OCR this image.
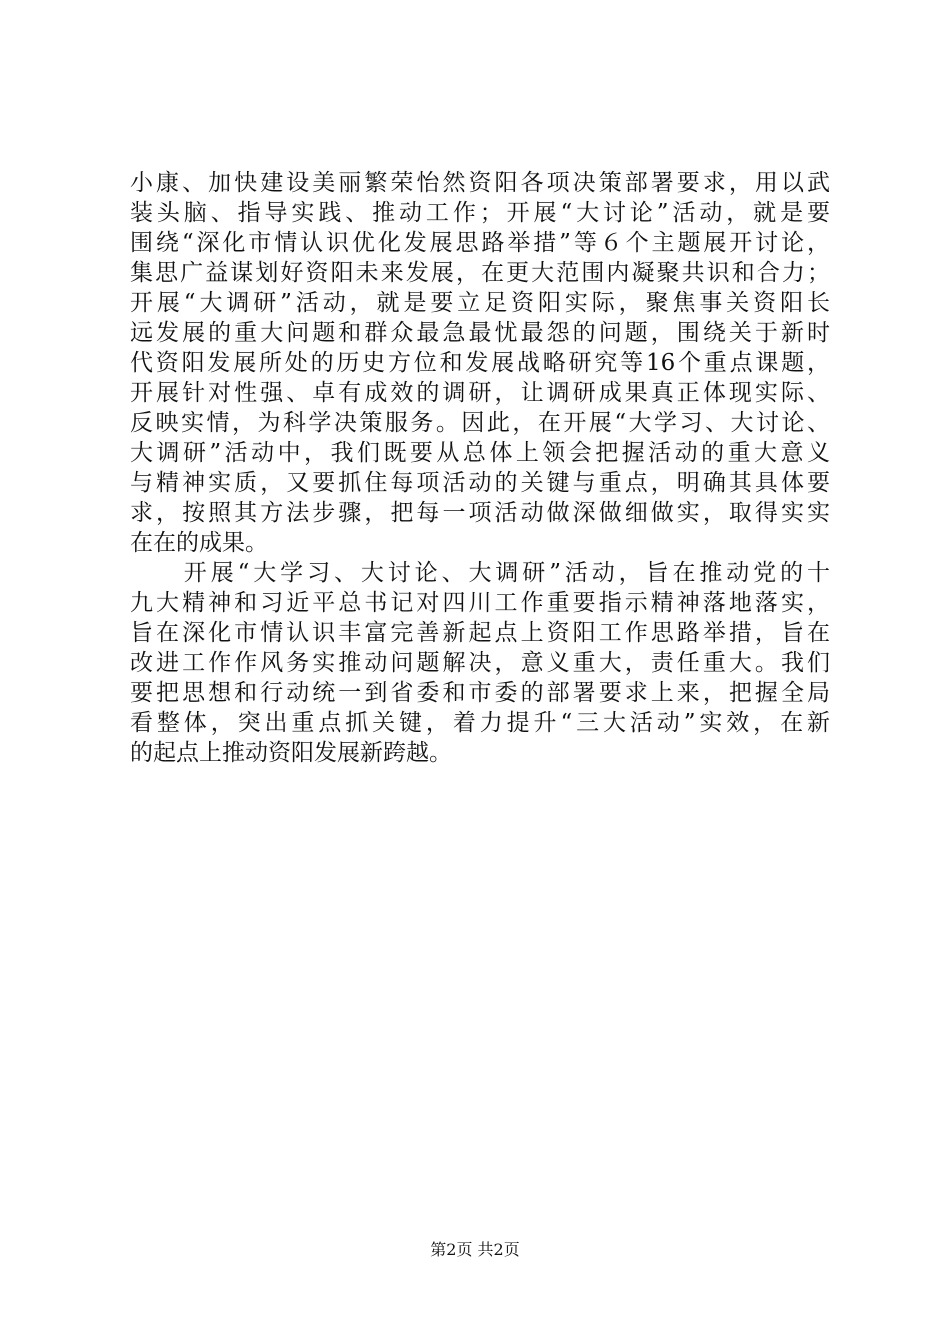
小康、加快建设美丽繁荣怡然资阳各项决策部署要求，用以武
装头脑、指导实践、推动工作；开展“大讨论”活动，就是要
围绕“深化市情认识优化发展思路举措”等６个主题展开讨论，
集思广益谋划好资阳未来发展，在更大范围内凝聚共识和合力；
开展“大调研”活动，就是要立足资阳实际，聚焦事关资阳长
远发展的重大问题和群众最急最忧最怨的问题，围绕关于新时
代资阳发展所处的历史方位和发展战略研究等16个重点课题，
开展针对性强、卓有成效的调研，让调研成果真正体现实际、
反映实情，为科学决策服务。因此，在开展“大学习、大讨论、
大调研”活动中，我们既要从总体上领会把握活动的重大意义
与精神实质，又要抓住每项活动的关键与重点，明确其具体要
求，按照其方法步骤，把每一项活动做深做细做实，取得实实
在在的成果。
　　开展“大学习、大讨论、大调研”活动，旨在推动党的十
九大精神和习近平总书记对四川工作重要指示精神落地落实，
旨在深化市情认识丰富完善新起点上资阳工作思路举措，旨在
改进工作作风务实推动问题解决，意义重大，责任重大。我们
要把思想和行动统一到省委和市委的部署要求上来，把握全局
看整体，突出重点抓关键，着力提升“三大活动”实效，在新
的起点上推动资阳发展新跨越。
第2页 共2页
